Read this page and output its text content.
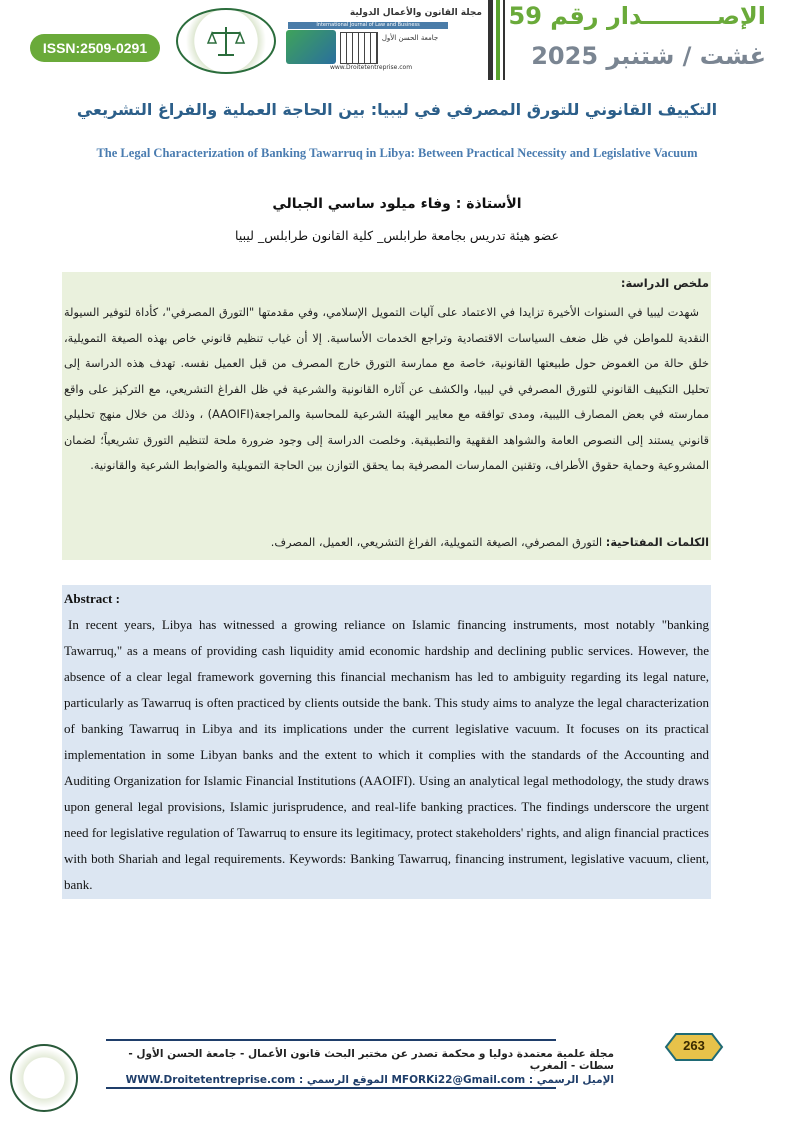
ISSN:2509-0291
مجلة القانون والأعمال الدولية
International Journal of Law and Business
جامعة الحسن الأول
www.Droitetentreprise.com
الإصـــــــــدار رقم 59
غشت / شتنبر 2025
التكييف القانوني للتورق المصرفي في ليبيا: بين الحاجة العملية والفراغ التشريعي
The Legal Characterization of Banking Tawarruq in Libya: Between Practical Necessity and Legislative Vacuum
الأستاذة : وفاء ميلود ساسي الجبالي
عضو هيئة تدريس بجامعة طرابلس_ كلية القانون طرابلس_ ليبيا
ملخص الدراسة:
شهدت ليبيا في السنوات الأخيرة تزايدا في الاعتماد على آليات التمويل الإسلامي، وفي مقدمتها "التورق المصرفي"، كأداة لتوفير السيولة النقدية للمواطن في ظل ضعف السياسات الاقتصادية وتراجع الخدمات الأساسية. إلا أن غياب تنظيم قانوني خاص بهذه الصيغة التمويلية، خلق حالة من الغموض حول طبيعتها القانونية، خاصة مع ممارسة التورق خارج المصرف من قبل العميل نفسه. تهدف هذه الدراسة إلى تحليل التكييف القانوني للتورق المصرفي في ليبيا، والكشف عن آثاره القانونية والشرعية في ظل الفراغ التشريعي، مع التركيز على واقع ممارسته في بعض المصارف الليبية، ومدى توافقه مع معايير الهيئة الشرعية للمحاسبة والمراجعة(AAOIFI) ، وذلك من خلال منهج تحليلي قانوني يستند إلى النصوص العامة والشواهد الفقهية والتطبيقية. وخلصت الدراسة إلى وجود ضرورة ملحة لتنظيم التورق تشريعياً؛ لضمان المشروعية وحماية حقوق الأطراف، وتقنين الممارسات المصرفية بما يحقق التوازن بين الحاجة التمويلية والضوابط الشرعية والقانونية.
الكلمات المفتاحية: التورق المصرفي، الصيغة التمويلية، الفراغ التشريعي، العميل، المصرف.
Abstract :
In recent years, Libya has witnessed a growing reliance on Islamic financing instruments, most notably "banking Tawarruq," as a means of providing cash liquidity amid economic hardship and declining public services. However, the absence of a clear legal framework governing this financial mechanism has led to ambiguity regarding its legal nature, particularly as Tawarruq is often practiced by clients outside the bank. This study aims to analyze the legal characterization of banking Tawarruq in Libya and its implications under the current legislative vacuum. It focuses on its practical implementation in some Libyan banks and the extent to which it complies with the standards of the Accounting and Auditing Organization for Islamic Financial Institutions (AAOIFI). Using an analytical legal methodology, the study draws upon general legal provisions, Islamic jurisprudence, and real-life banking practices. The findings underscore the urgent need for legislative regulation of Tawarruq to ensure its legitimacy, protect stakeholders' rights, and align financial practices with both Shariah and legal requirements. Keywords: Banking Tawarruq, financing instrument, legislative vacuum, client, bank.
مجلة علمية معتمدة دوليا و محكمة تصدر عن مختبر البحث قانون الأعمال - جامعة الحسن الأول - سطات - المغرب
الإميل الرسمي : MFORKi22@Gmail.com الموقع الرسمي : WWW.Droitetentreprise.com
263
